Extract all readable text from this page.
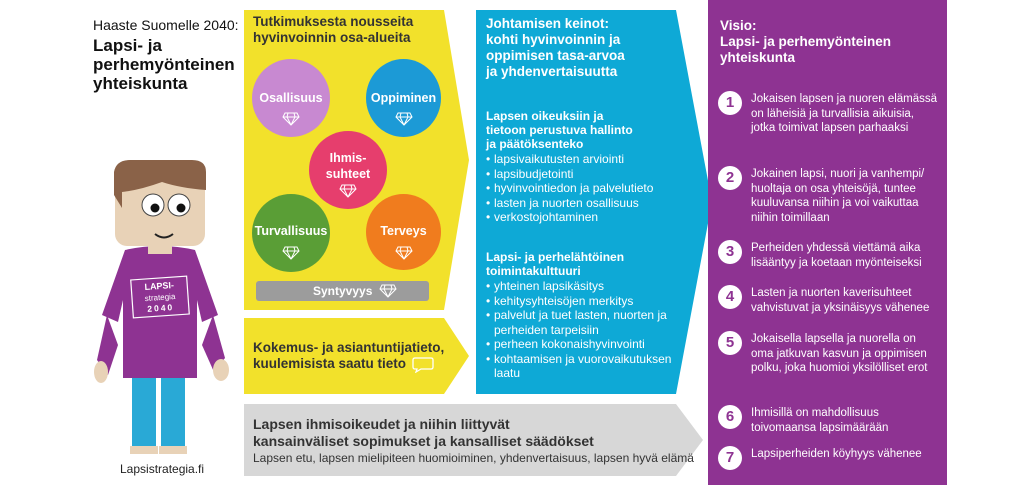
Haaste Suomelle 2040:
Lapsi- ja
perhemyönteinen
yhteiskunta
LAPSI-
strategia
2040
Lapsistrategia.fi
Tutkimuksesta nousseita
hyvinvoinnin osa-alueita
Osallisuus	Oppiminen
Ihmis-
suhteet
Turvallisuus	Terveys
Syntyvyys
Kokemus- ja asiantuntijatieto,
kuulemisista saatu tieto
Johtamisen keinot:
kohti hyvinvoinnin ja
oppimisen tasa-arvoa
ja yhdenvertaisuutta
Lapsen oikeuksiin ja
tietoon perustuva hallinto
ja päätöksenteko
• lapsivaikutusten arviointi
• lapsibudjetointi
• hyvinvointiedon ja palvelutieto
• lasten ja nuorten osallisuus
• verkostojohtaminen
Lapsi- ja perhelähtöinen
toimintakulttuuri
• yhteinen lapsikäsitys
• kehitysyhteisöjen merkitys
• palvelut ja tuet lasten, nuorten ja perheiden tarpeisiin
• perheen kokonaishyvinvointi
• kohtaamisen ja vuorovaikutuksen laatu
Lapsen ihmisoikeudet ja niihin liittyvät
kansainväliset sopimukset ja kansalliset säädökset
Lapsen etu, lapsen mielipiteen huomioiminen, yhdenvertaisuus, lapsen hyvä elämä
Visio:
Lapsi- ja perhemyönteinen
yhteiskunta
1	Jokaisen lapsen ja nuoren elämässä on läheisiä ja turvallisia aikuisia, jotka toimivat lapsen parhaaksi
2	Jokainen lapsi, nuori ja vanhempi/ huoltaja on osa yhteisöjä, tuntee kuuluvansa niihin ja voi vaikuttaa niihin toimillaan
3	Perheiden yhdessä viettämä aika lisääntyy ja koetaan myönteiseksi
4	Lasten ja nuorten kaverisuhteet vahvistuvat ja yksinäisyys vähenee
5	Jokaisella lapsella ja nuorella on oma jatkuvan kasvun ja oppimisen polku, joka huomioi yksilölliset erot
6	Ihmisillä on mahdollisuus toivomaansa lapsimäärään
7	Lapsiperheiden köyhyys vähenee
